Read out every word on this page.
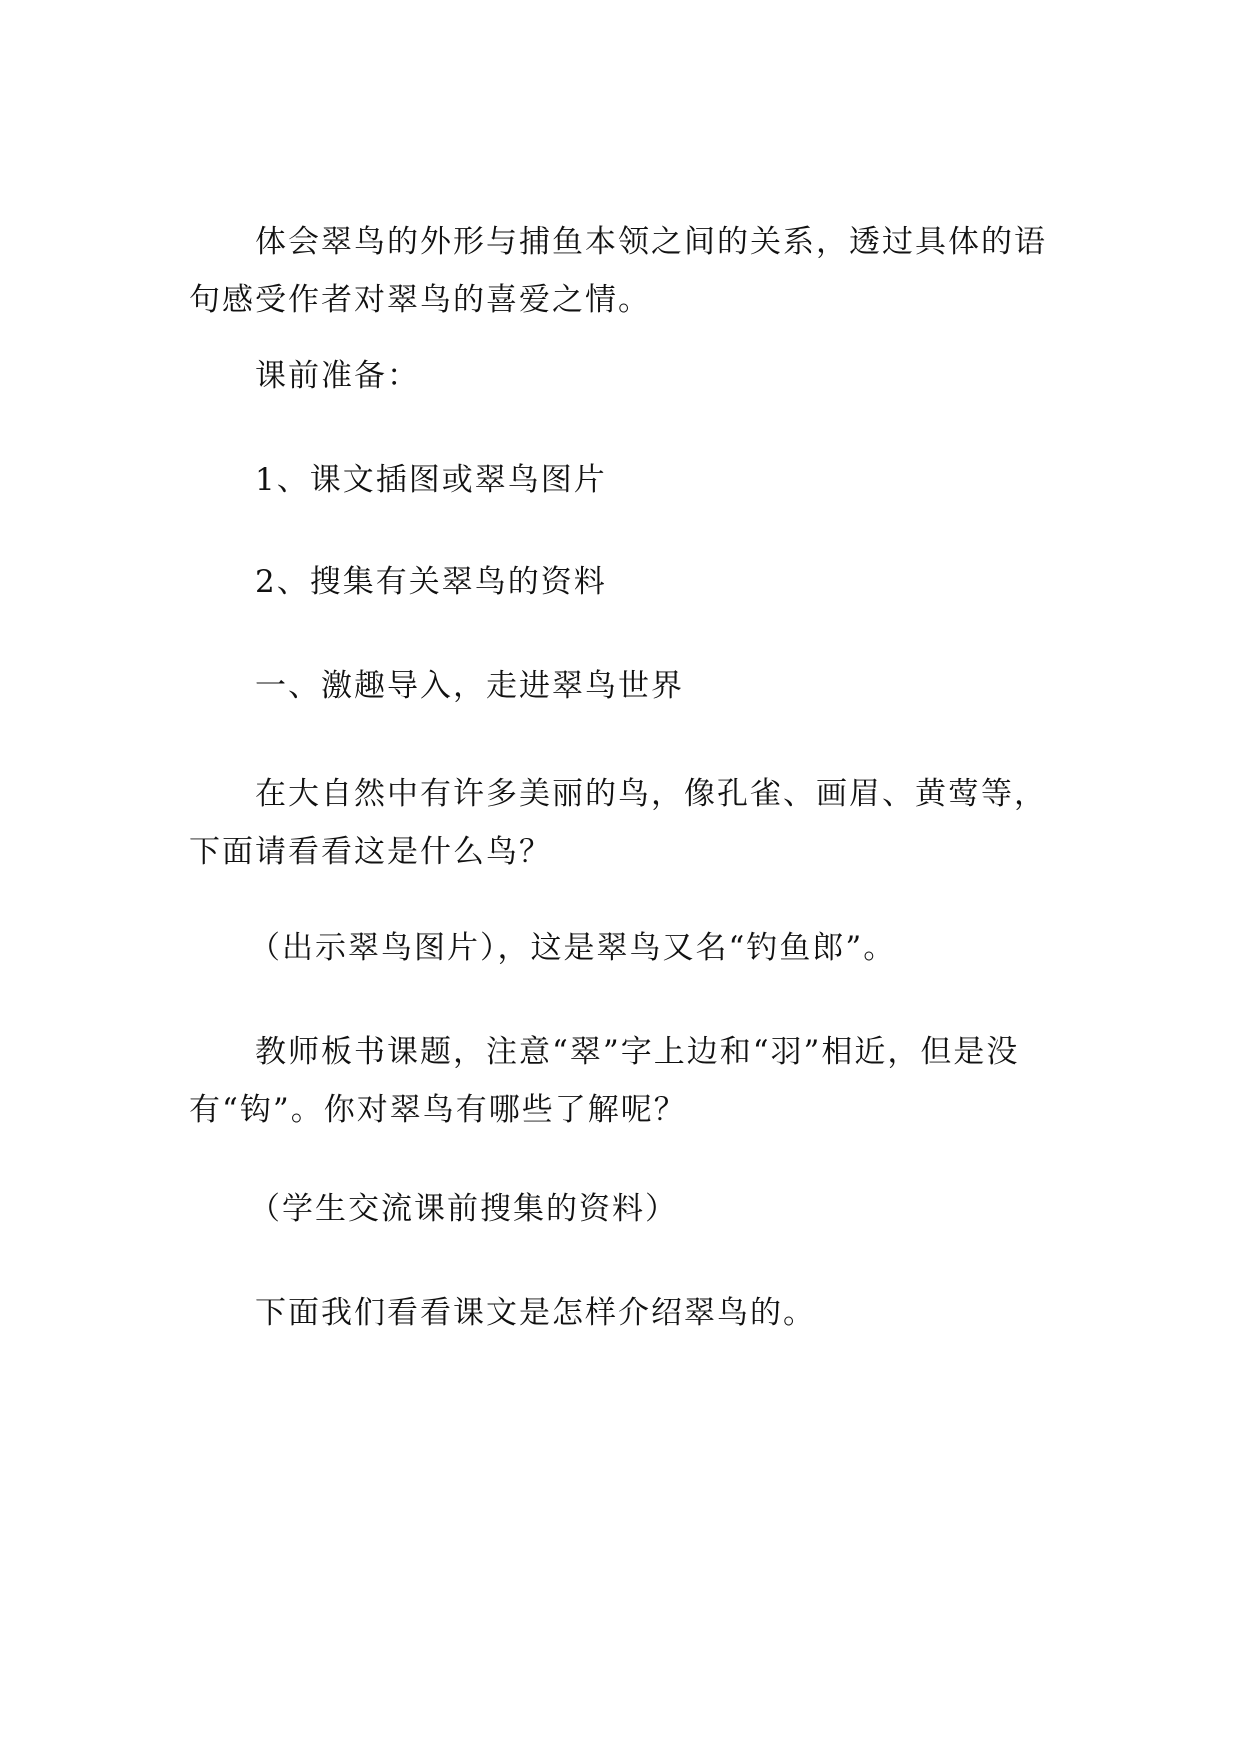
体会翠鸟的外形与捕鱼本领之间的关系，透过具体的语句感受作者对翠鸟的喜爱之情。

课前准备：

1、课文插图或翠鸟图片

2、搜集有关翠鸟的资料

一、激趣导入，走进翠鸟世界

在大自然中有许多美丽的鸟，像孔雀、画眉、黄莺等，下面请看看这是什么鸟？

（出示翠鸟图片），这是翠鸟又名“钓鱼郎”。

教师板书课题，注意“翠”字上边和“羽”相近，但是没有“钩”。你对翠鸟有哪些了解呢？

（学生交流课前搜集的资料）

下面我们看看课文是怎样介绍翠鸟的。
